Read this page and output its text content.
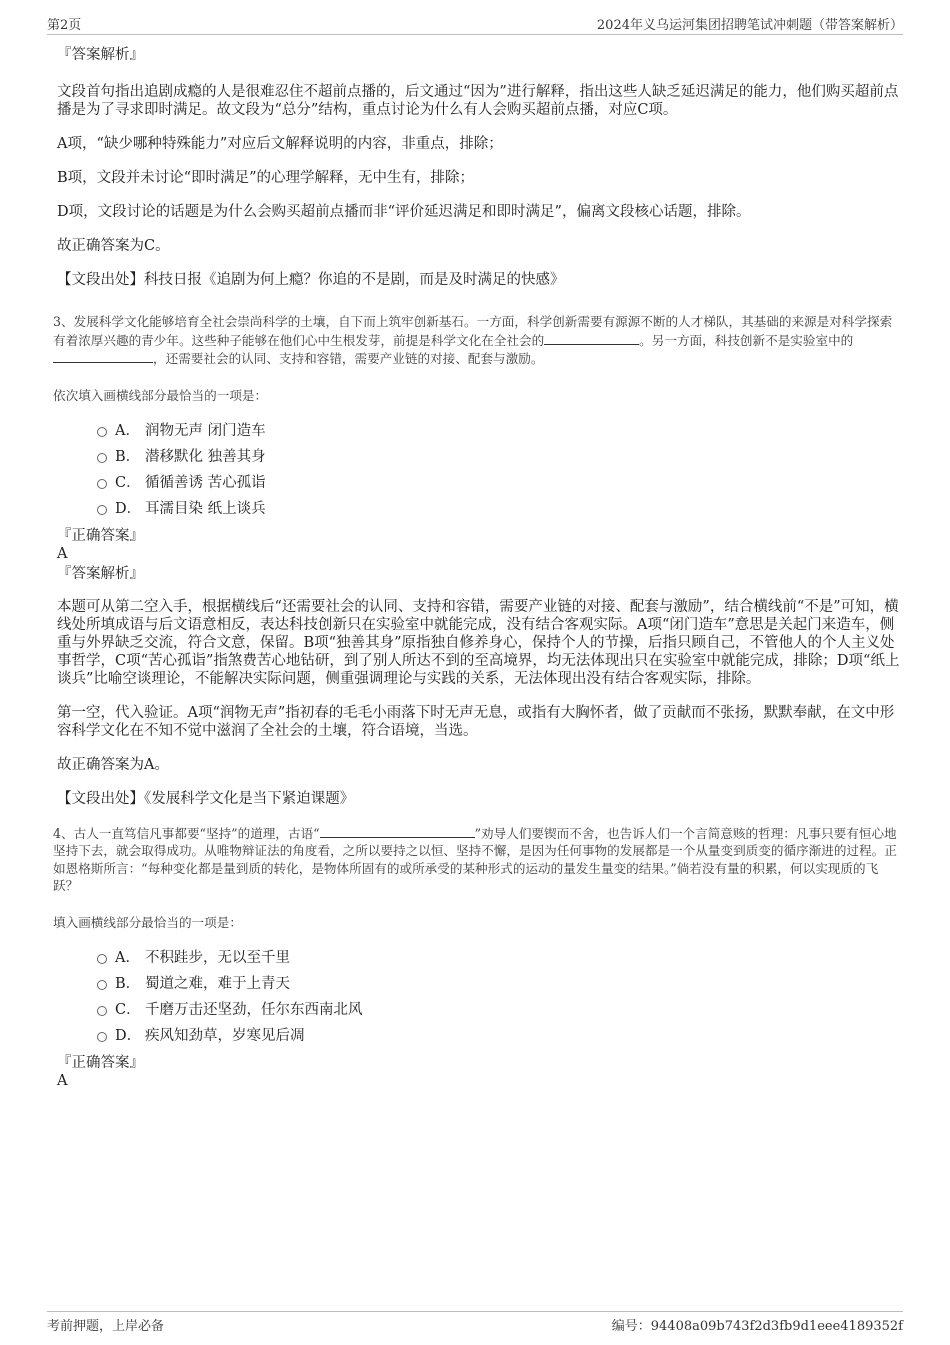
第2页	2024年义乌运河集团招聘笔试冲刺题（带答案解析）
『答案解析』

文段首句指出追剧成瘾的人是很难忍住不超前点播的，后文通过“因为”进行解释，指出这些人缺乏延迟满足的能力，他们购买超前点播是为了寻求即时满足。故文段为“总分”结构，重点讨论为什么有人会购买超前点播，对应C项。

A项，“缺少哪种特殊能力”对应后文解释说明的内容，非重点，排除；

B项，文段并未讨论“即时满足”的心理学解释，无中生有，排除；

D项，文段讨论的话题是为什么会购买超前点播而非“评价延迟满足和即时满足”，偏离文段核心话题，排除。

故正确答案为C。

【文段出处】科技日报《追剧为何上瘾？你追的不是剧，而是及时满足的快感》

3、发展科学文化能够培育全社会崇尚科学的土壤，自下而上筑牢创新基石。一方面，科学创新需要有源源不断的人才梯队，其基础的来源是对科学探索有着浓厚兴趣的青少年。这些种子能够在他们心中生根发芽，前提是科学文化在全社会的	。另一方面，科技创新不是实验室中的，还需要社会的认同、支持和容错，需要产业链的对接、配套与激励。
依次填入画横线部分最恰当的一项是：
A． 润物无声 闭门造车
B． 潜移默化 独善其身
C． 循循善诱 苦心孤诣
D． 耳濡目染 纸上谈兵
『正确答案』
A
『答案解析』

本题可从第二空入手，根据横线后“还需要社会的认同、支持和容错，需要产业链的对接、配套与激励”，结合横线前“不是”可知，横线处所填成语与后文语意相反，表达科技创新只在实验室中就能完成，没有结合客观实际。A项“闭门造车”意思是关起门来造车，侧重与外界缺乏交流，符合文意，保留。B项“独善其身”原指独自修养身心，保持个人的节操，后指只顾自己，不管他人的个人主义处事哲学，C项“苦心孤诣”指煞费苦心地钻研，到了别人所达不到的至高境界，均无法体现出只在实验室中就能完成，排除；D项“纸上谈兵”比喻空谈理论，不能解决实际问题，侧重强调理论与实践的关系，无法体现出没有结合客观实际，排除。

第一空，代入验证。A项“润物无声”指初春的毛毛小雨落下时无声无息，或指有大胸怀者，做了贡献而不张扬，默默奉献，在文中形容科学文化在不知不觉中滋润了全社会的土壤，符合语境，当选。

故正确答案为A。

【文段出处】《发展科学文化是当下紧迫课题》

4、古人一直笃信凡事都要“坚持”的道理，古语“	”劝导人们要锲而不舍，也告诉人们一个言简意赅的哲理：凡事只要有恒心地坚持下去，就会取得成功。从唯物辩证法的角度看，之所以要持之以恒、坚持不懈，是因为任何事物的发展都是一个从量变到质变的循序渐进的过程。正如恩格斯所言：“每种变化都是量到质的转化，是物体所固有的或所承受的某种形式的运动的量发生量变的结果。”倘若没有量的积累，何以实现质的飞跃？
填入画横线部分最恰当的一项是：
A． 不积跬步，无以至千里
B． 蜀道之难，难于上青天
C． 千磨万击还坚劲，任尔东西南北风
D． 疾风知劲草，岁寒见后凋
『正确答案』
A
考前押题，上岸必备	编号：94408a09b743f2d3fb9d1eee4189352f
